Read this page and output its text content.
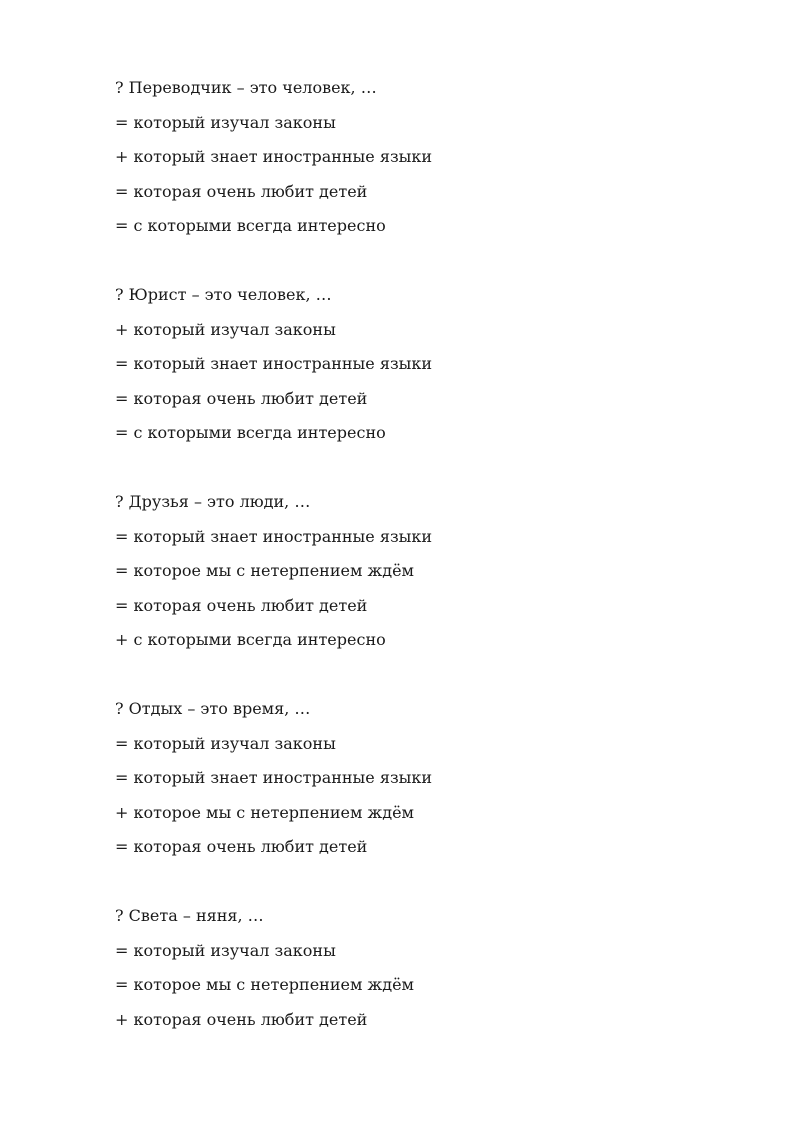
? Переводчик – это человек, …
= который изучал законы
+ который знает иностранные языки
= которая очень любит детей
= с которыми всегда интересно
? Юрист – это человек, …
+ который изучал законы
= который знает иностранные языки
= которая очень любит детей
= с которыми всегда интересно
? Друзья – это люди, …
= который знает иностранные языки
= которое мы с нетерпением ждём
= которая очень любит детей
+ с которыми всегда интересно
? Отдых – это время, …
= который изучал законы
= который знает иностранные языки
+ которое мы с нетерпением ждём
= которая очень любит детей
? Света – няня, …
= который изучал законы
= которое мы с нетерпением ждём
+ которая очень любит детей
